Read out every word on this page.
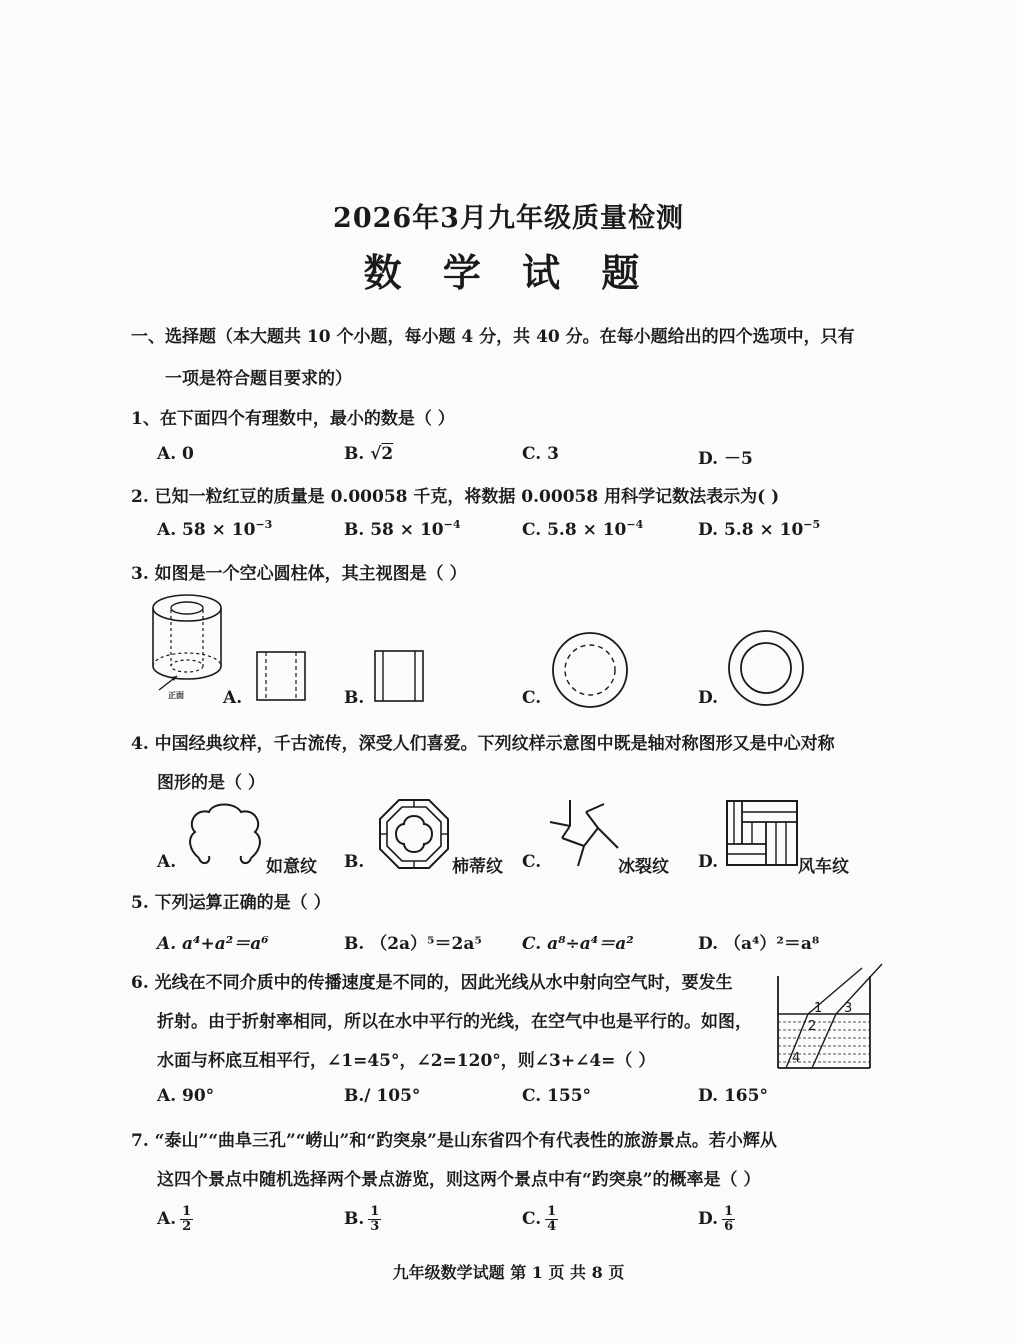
2026年3月九年级质量检测
数 学 试 题
一、选择题（本大题共 10 个小题，每小题 4 分，共 40 分。在每小题给出的四个选项中，只有
一项是符合题目要求的）
1、在下面四个有理数中，最小的数是（ ）
A. 0	B. √2	C. 3	D. －5
2. 已知一粒红豆的质量是 0.00058 千克，将数据 0.00058 用科学记数法表示为( )
A. $58 \times 10^{-3}$	B. $58 \times 10^{-4}$	C. $5.8 \times 10^{-4}$	D. $5.8 \times 10^{-5}$
3. 如图是一个空心圆柱体，其主视图是（ ）
正面 A.	B.	C.	D.
4. 中国经典纹样，千古流传，深受人们喜爱。下列纹样示意图中既是轴对称图形又是中心对称
图形的是（ ）
A.	如意纹 B.	柿蒂纹 C.	冰裂纹 D.	风车纹
5. 下列运算正确的是（ ）
A. a⁴+a²＝a⁶	B. （2a）⁵＝2a⁵ C. a⁸÷a⁴＝a²	D. （a⁴）²＝a⁸
6. 光线在不同介质中的传播速度是不同的，因此光线从水中射向空气时，要发生
折射。由于折射率相同，所以在水中平行的光线，在空气中也是平行的。如图，
水面与杯底互相平行，∠1=45°，∠2=120°，则∠3+∠4=（ ）
1
2
3
4
A. 90°	B./ 105°	C. 155°	D. 165°
7. “泰山”“曲阜三孔”“崂山”和“趵突泉”是山东省四个有代表性的旅游景点。若小辉从
这四个景点中随机选择两个景点游览，则这两个景点中有“趵突泉”的概率是（ ）
A. $\frac{1}{2}$	B. $\frac{1}{3}$	C. $\frac{1}{4}$	D. $\frac{1}{6}$
九年级数学试题 第 1 页 共 8 页
